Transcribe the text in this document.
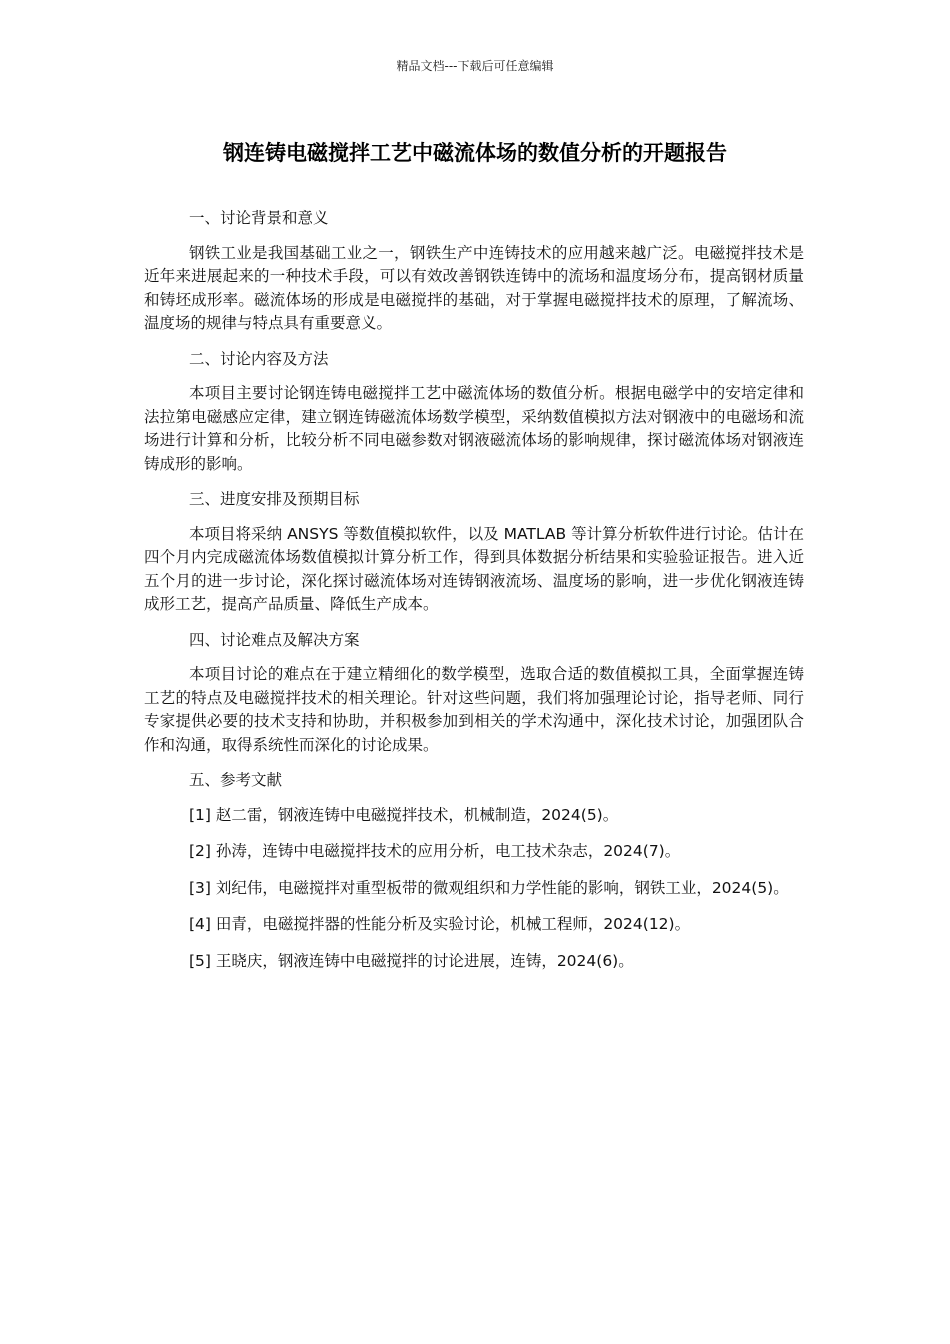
精品文档---下载后可任意编辑
钢连铸电磁搅拌工艺中磁流体场的数值分析的开题报告

一、讨论背景和意义

钢铁工业是我国基础工业之一，钢铁生产中连铸技术的应用越来越广泛。电磁搅拌技术是近年来进展起来的一种技术手段，可以有效改善钢铁连铸中的流场和温度场分布，提高钢材质量和铸坯成形率。磁流体场的形成是电磁搅拌的基础，对于掌握电磁搅拌技术的原理，了解流场、温度场的规律与特点具有重要意义。

二、讨论内容及方法

本项目主要讨论钢连铸电磁搅拌工艺中磁流体场的数值分析。根据电磁学中的安培定律和法拉第电磁感应定律，建立钢连铸磁流体场数学模型，采纳数值模拟方法对钢液中的电磁场和流场进行计算和分析，比较分析不同电磁参数对钢液磁流体场的影响规律，探讨磁流体场对钢液连铸成形的影响。

三、进度安排及预期目标

本项目将采纳 ANSYS 等数值模拟软件，以及 MATLAB 等计算分析软件进行讨论。估计在四个月内完成磁流体场数值模拟计算分析工作，得到具体数据分析结果和实验验证报告。进入近五个月的进一步讨论，深化探讨磁流体场对连铸钢液流场、温度场的影响，进一步优化钢液连铸成形工艺，提高产品质量、降低生产成本。

四、讨论难点及解决方案

本项目讨论的难点在于建立精细化的数学模型，选取合适的数值模拟工具，全面掌握连铸工艺的特点及电磁搅拌技术的相关理论。针对这些问题，我们将加强理论讨论，指导老师、同行专家提供必要的技术支持和协助，并积极参加到相关的学术沟通中，深化技术讨论，加强团队合作和沟通，取得系统性而深化的讨论成果。

五、参考文献

[1] 赵二雷，钢液连铸中电磁搅拌技术，机械制造，2024(5)。

[2] 孙涛，连铸中电磁搅拌技术的应用分析，电工技术杂志，2024(7)。

[3] 刘纪伟，电磁搅拌对重型板带的微观组织和力学性能的影响，钢铁工业，2024(5)。

[4] 田青，电磁搅拌器的性能分析及实验讨论，机械工程师，2024(12)。

[5] 王晓庆，钢液连铸中电磁搅拌的讨论进展，连铸，2024(6)。
